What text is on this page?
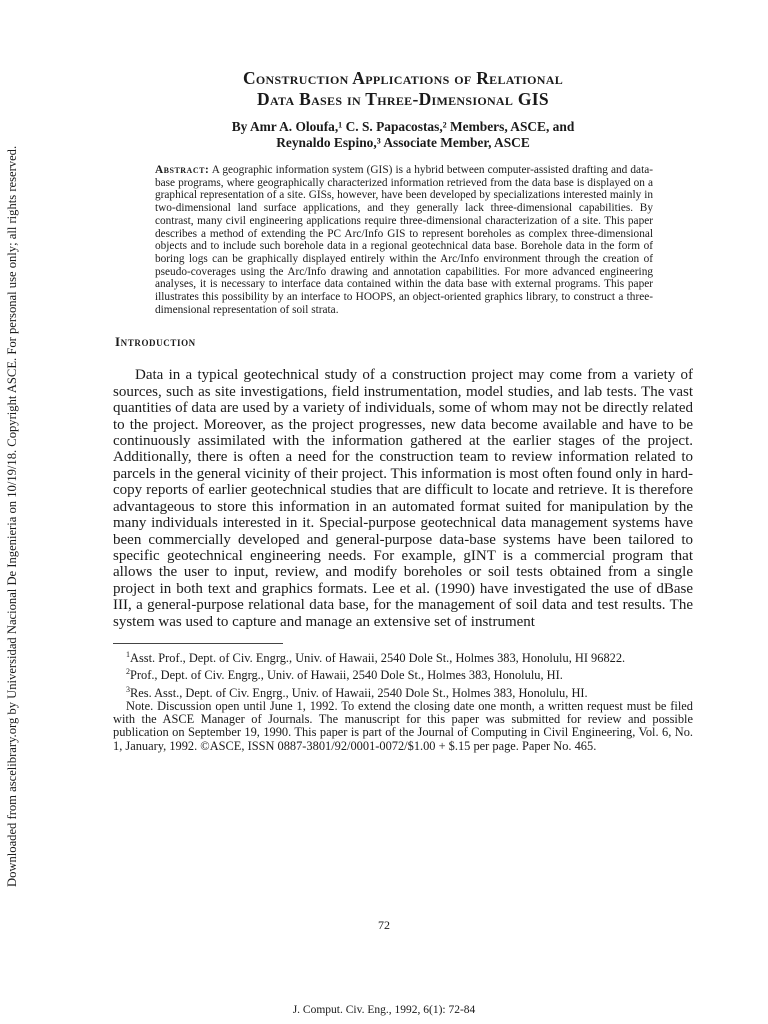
Downloaded from ascelibrary.org by Universidad Nacional De Ingenieria on 10/19/18. Copyright ASCE. For personal use only; all rights reserved.
Construction Applications of Relational
Data Bases in Three-Dimensional GIS
By Amr A. Oloufa,¹ C. S. Papacostas,² Members, ASCE, and
Reynaldo Espino,³ Associate Member, ASCE
Abstract: A geographic information system (GIS) is a hybrid between computer-assisted drafting and data-base programs, where geographically characterized information retrieved from the data base is displayed on a graphical representation of a site. GISs, however, have been developed by specializations interested mainly in two-dimensional land surface applications, and they generally lack three-dimensional capabilities. By contrast, many civil engineering applications require three-dimensional characterization of a site. This paper describes a method of extending the PC Arc/Info GIS to represent boreholes as complex three-dimensional objects and to include such borehole data in a regional geotechnical data base. Borehole data in the form of boring logs can be graphically displayed entirely within the Arc/Info environment through the creation of pseudo-coverages using the Arc/Info drawing and annotation capabilities. For more advanced engineering analyses, it is necessary to interface data contained within the data base with external programs. This paper illustrates this possibility by an interface to HOOPS, an object-oriented graphics library, to construct a three-dimensional representation of soil strata.
Introduction

Data in a typical geotechnical study of a construction project may come from a variety of sources, such as site investigations, field instrumentation, model studies, and lab tests. The vast quantities of data are used by a variety of individuals, some of whom may not be directly related to the project. Moreover, as the project progresses, new data become available and have to be continuously assimilated with the information gathered at the earlier stages of the project. Additionally, there is often a need for the construction team to review information related to parcels in the general vicinity of their project. This information is most often found only in hard-copy reports of earlier geotechnical studies that are difficult to locate and retrieve. It is therefore advantageous to store this information in an automated format suited for manipulation by the many individuals interested in it. Special-purpose geotechnical data management systems have been commercially developed and general-purpose data-base systems have been tailored to specific geotechnical engineering needs. For example, gINT is a commercial program that allows the user to input, review, and modify boreholes or soil tests obtained from a single project in both text and graphics formats. Lee et al. (1990) have investigated the use of dBase III, a general-purpose relational data base, for the management of soil data and test results. The system was used to capture and manage an extensive set of instrument

$^1$Asst. Prof., Dept. of Civ. Engrg., Univ. of Hawaii, 2540 Dole St., Holmes 383, Honolulu, HI 96822.

$^2$Prof., Dept. of Civ. Engrg., Univ. of Hawaii, 2540 Dole St., Holmes 383, Honolulu, HI.

$^3$Res. Asst., Dept. of Civ. Engrg., Univ. of Hawaii, 2540 Dole St., Holmes 383, Honolulu, HI.

Note. Discussion open until June 1, 1992. To extend the closing date one month, a written request must be filed with the ASCE Manager of Journals. The manuscript for this paper was submitted for review and possible publication on September 19, 1990. This paper is part of the Journal of Computing in Civil Engineering, Vol. 6, No. 1, January, 1992. ©ASCE, ISSN 0887-3801/92/0001-0072/$1.00 + $.15 per page. Paper No. 465.

72
J. Comput. Civ. Eng., 1992, 6(1): 72-84
